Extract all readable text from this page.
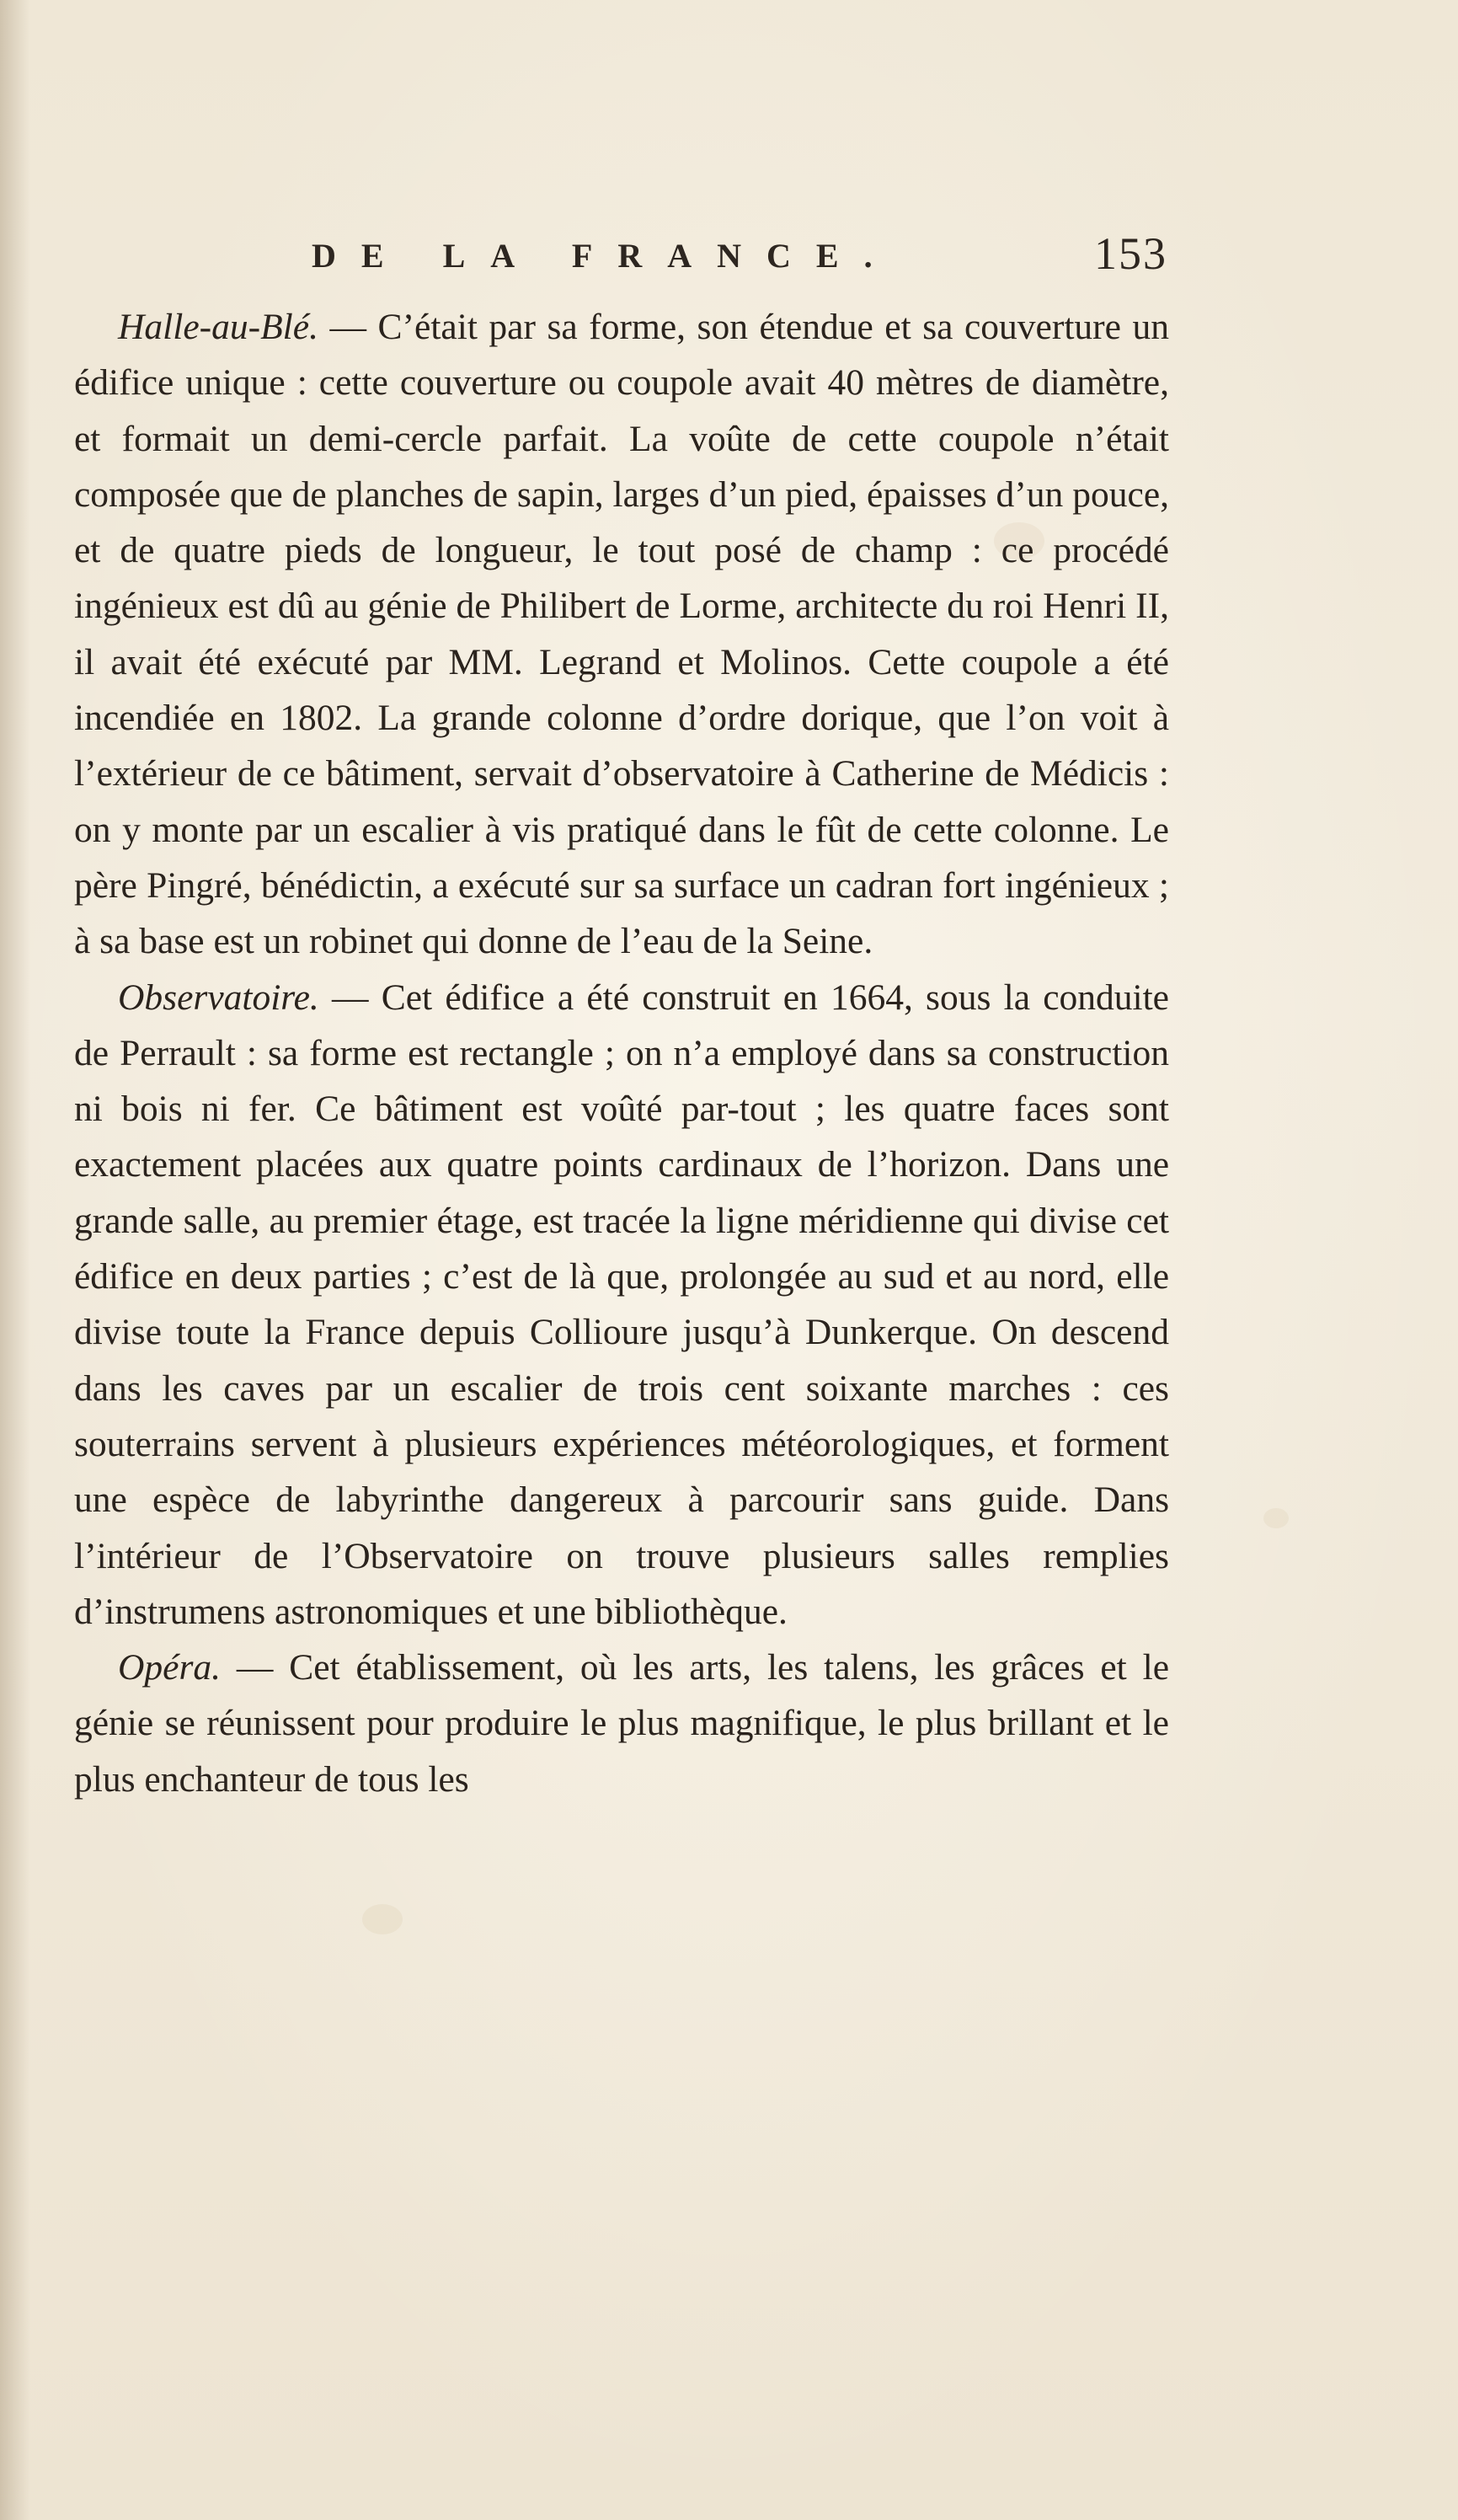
DE LA FRANCE.	153

Halle-au-Blé. — C’était par sa forme, son étendue et sa couverture un édifice unique : cette couverture ou coupole avait 40 mètres de diamètre, et formait un demi-cercle parfait. La voûte de cette coupole n’était composée que de planches de sapin, larges d’un pied, épaisses d’un pouce, et de quatre pieds de longueur, le tout posé de champ : ce procédé ingénieux est dû au génie de Philibert de Lorme, architecte du roi Henri II, il avait été exécuté par MM. Legrand et Molinos. Cette coupole a été incendiée en 1802. La grande colonne d’ordre dorique, que l’on voit à l’extérieur de ce bâtiment, servait d’observatoire à Catherine de Médicis : on y monte par un escalier à vis pratiqué dans le fût de cette colonne. Le père Pingré, bénédictin, a exécuté sur sa surface un cadran fort ingénieux ; à sa base est un robinet qui donne de l’eau de la Seine.

Observatoire. — Cet édifice a été construit en 1664, sous la conduite de Perrault : sa forme est rectangle ; on n’a employé dans sa construction ni bois ni fer. Ce bâtiment est voûté par-tout ; les quatre faces sont exactement placées aux quatre points cardinaux de l’horizon. Dans une grande salle, au premier étage, est tracée la ligne méridienne qui divise cet édifice en deux parties ; c’est de là que, prolongée au sud et au nord, elle divise toute la France depuis Collioure jusqu’à Dunkerque. On descend dans les caves par un escalier de trois cent soixante marches : ces souterrains servent à plusieurs expériences météorologiques, et forment une espèce de labyrinthe dangereux à parcourir sans guide. Dans l’intérieur de l’Observatoire on trouve plusieurs salles remplies d’instrumens astronomiques et une bibliothèque.

Opéra. — Cet établissement, où les arts, les talens, les grâces et le génie se réunissent pour produire le plus magnifique, le plus brillant et le plus enchanteur de tous les
